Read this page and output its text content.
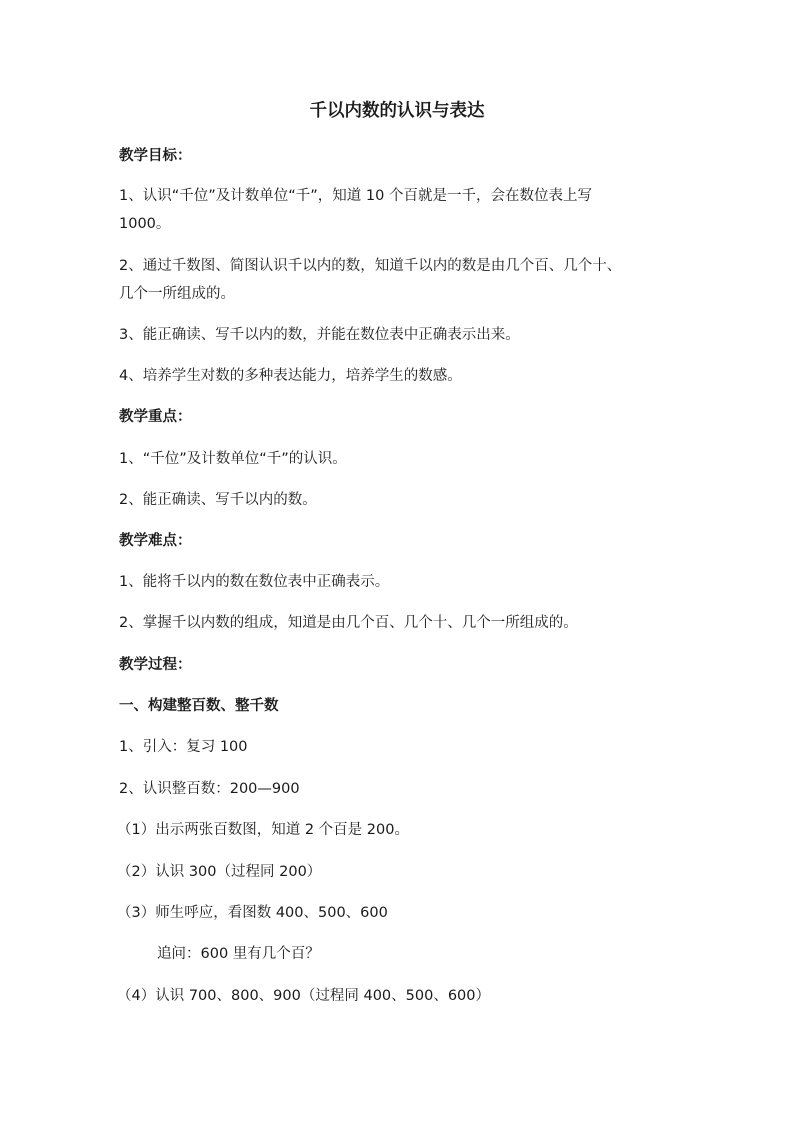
千以内数的认识与表达

教学目标：

1、认识“千位”及计数单位“千”，知道 10 个百就是一千，会在数位表上写

1000。

2、通过千数图、简图认识千以内的数，知道千以内的数是由几个百、几个十、

几个一所组成的。

3、能正确读、写千以内的数，并能在数位表中正确表示出来。

4、培养学生对数的多种表达能力，培养学生的数感。

教学重点：

1、“千位”及计数单位“千”的认识。

2、能正确读、写千以内的数。

教学难点：

1、能将千以内的数在数位表中正确表示。

2、掌握千以内数的组成，知道是由几个百、几个十、几个一所组成的。

教学过程：

一、构建整百数、整千数

1、引入：复习 100

2、认识整百数：200—900

（1）出示两张百数图，知道 2 个百是 200。

（2）认识 300（过程同 200）

（3）师生呼应，看图数 400、500、600

追问：600 里有几个百？

（4）认识 700、800、900（过程同 400、500、600）
